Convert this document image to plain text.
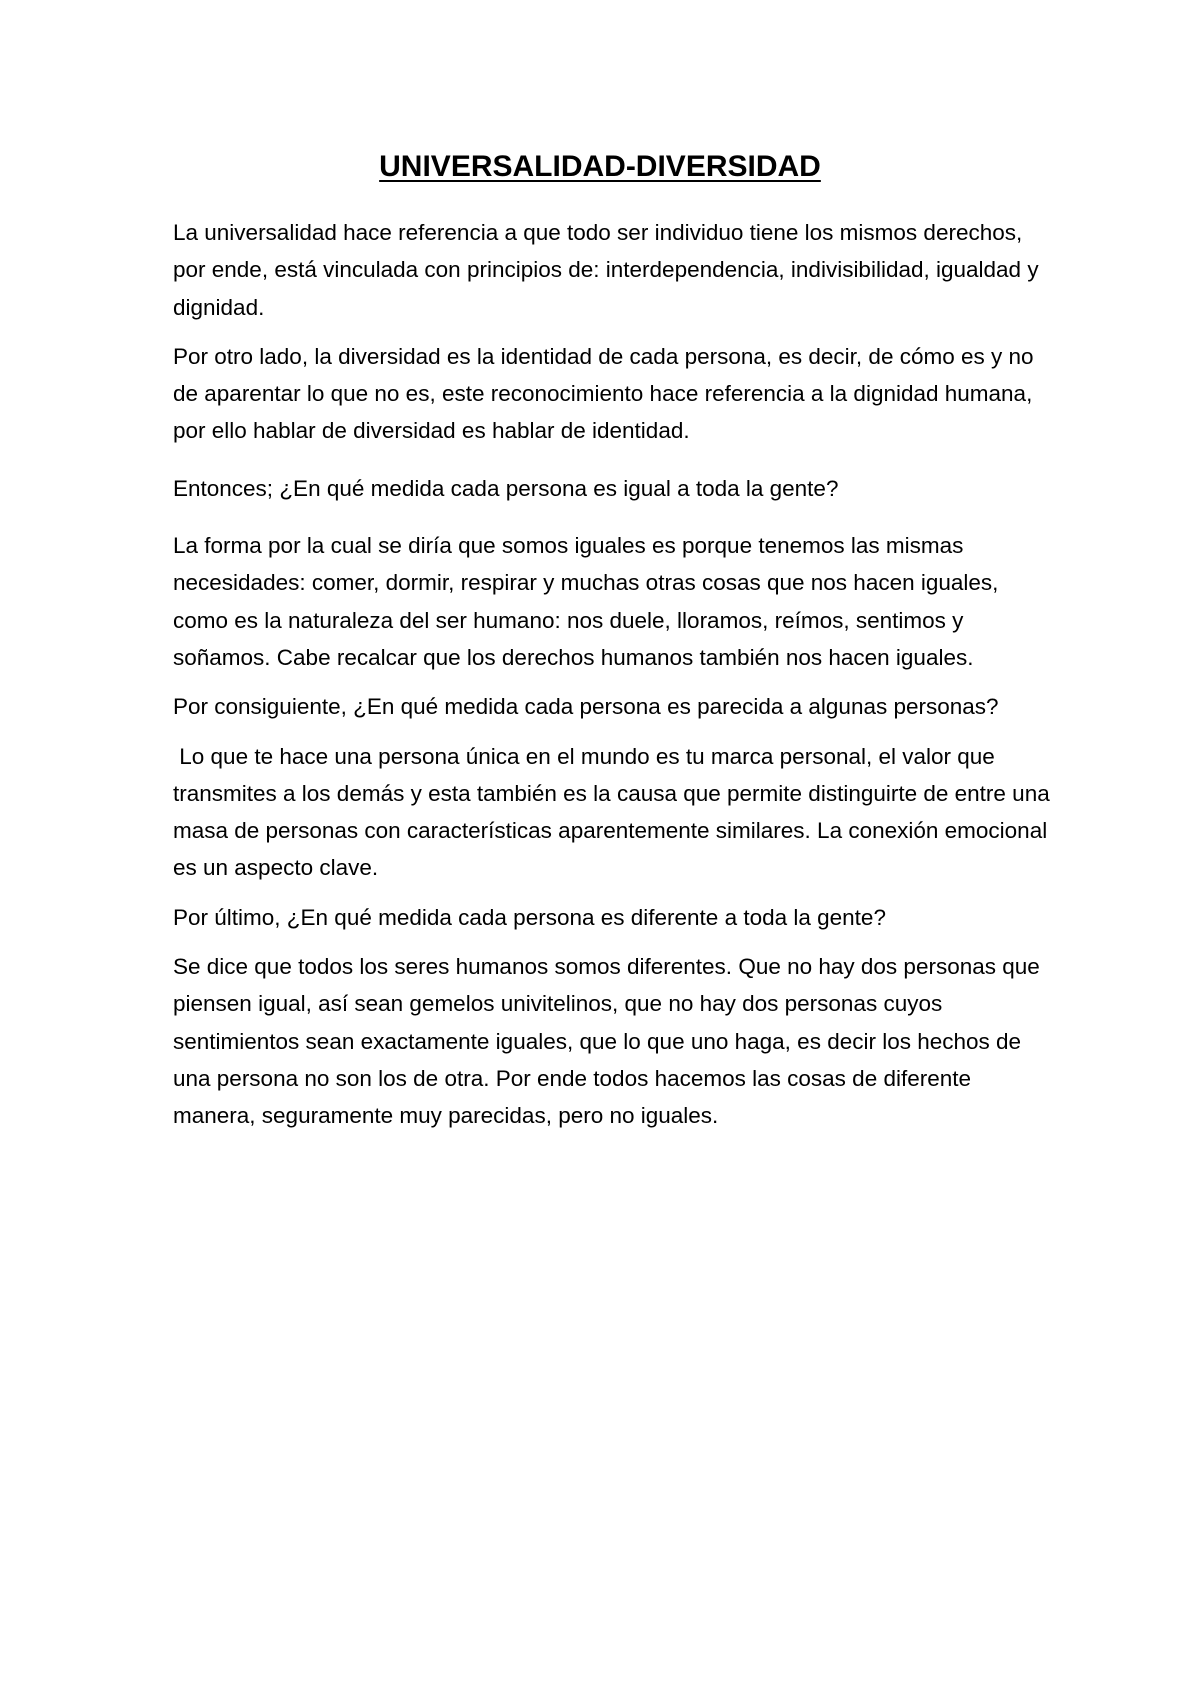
UNIVERSALIDAD-DIVERSIDAD

La universalidad hace referencia a que todo ser individuo tiene los mismos derechos, por ende, está vinculada con principios de: interdependencia, indivisibilidad, igualdad y dignidad.

Por otro lado, la diversidad es la identidad de cada persona, es decir, de cómo es y no de aparentar lo que no es, este reconocimiento hace referencia a la dignidad humana, por ello hablar de diversidad es hablar de identidad.

Entonces; ¿En qué medida cada persona es igual a toda la gente?

La forma por la cual se diría que somos iguales es porque tenemos las mismas necesidades: comer, dormir, respirar y muchas otras cosas que nos hacen iguales, como es la naturaleza del ser humano: nos duele, lloramos, reímos, sentimos y soñamos. Cabe recalcar que los derechos humanos también nos hacen iguales.

Por consiguiente, ¿En qué medida cada persona es parecida a algunas personas?

Lo que te hace una persona única en el mundo es tu marca personal, el valor que transmites a los demás y esta también es la causa que permite distinguirte de entre una masa de personas con características aparentemente similares. La conexión emocional es un aspecto clave.

Por último, ¿En qué medida cada persona es diferente a toda la gente?

Se dice que todos los seres humanos somos diferentes. Que no hay dos personas que piensen igual, así sean gemelos univitelinos, que no hay dos personas cuyos sentimientos sean exactamente iguales, que lo que uno haga, es decir los hechos de una persona no son los de otra. Por ende todos hacemos las cosas de diferente manera, seguramente muy parecidas, pero no iguales.
